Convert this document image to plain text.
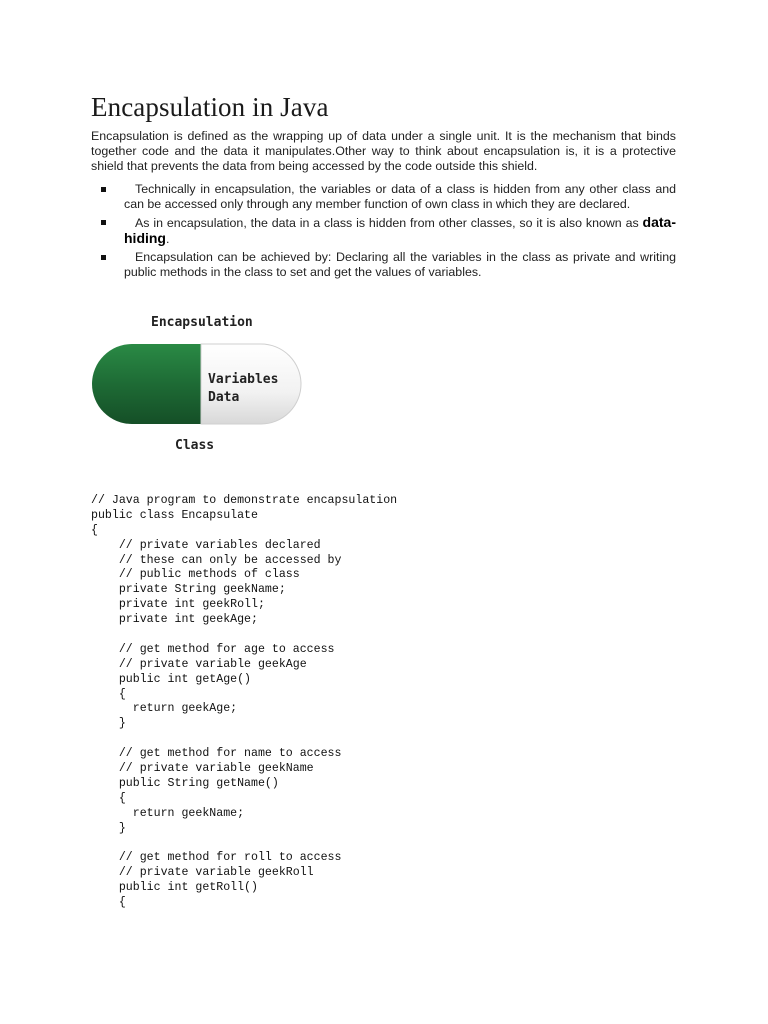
Encapsulation in Java
Encapsulation is defined as the wrapping up of data under a single unit. It is the mechanism that binds together code and the data it manipulates.Other way to think about encapsulation is, it is a protective shield that prevents the data from being accessed by the code outside this shield.
Technically in encapsulation, the variables or data of a class is hidden from any other class and can be accessed only through any member function of own class in which they are declared.
As in encapsulation, the data in a class is hidden from other classes, so it is also known as data-hiding.
Encapsulation can be achieved by: Declaring all the variables in the class as private and writing public methods in the class to set and get the values of variables.
Encapsulation
Variables
Data
Class
// Java program to demonstrate encapsulation
public class Encapsulate
{
// private variables declared
// these can only be accessed by
// public methods of class
private String geekName;
private int geekRoll;
private int geekAge;
// get method for age to access
// private variable geekAge
public int getAge()
{
return geekAge;
}
// get method for name to access
// private variable geekName
public String getName()
{
return geekName;
}
// get method for roll to access
// private variable geekRoll
public int getRoll()
{
